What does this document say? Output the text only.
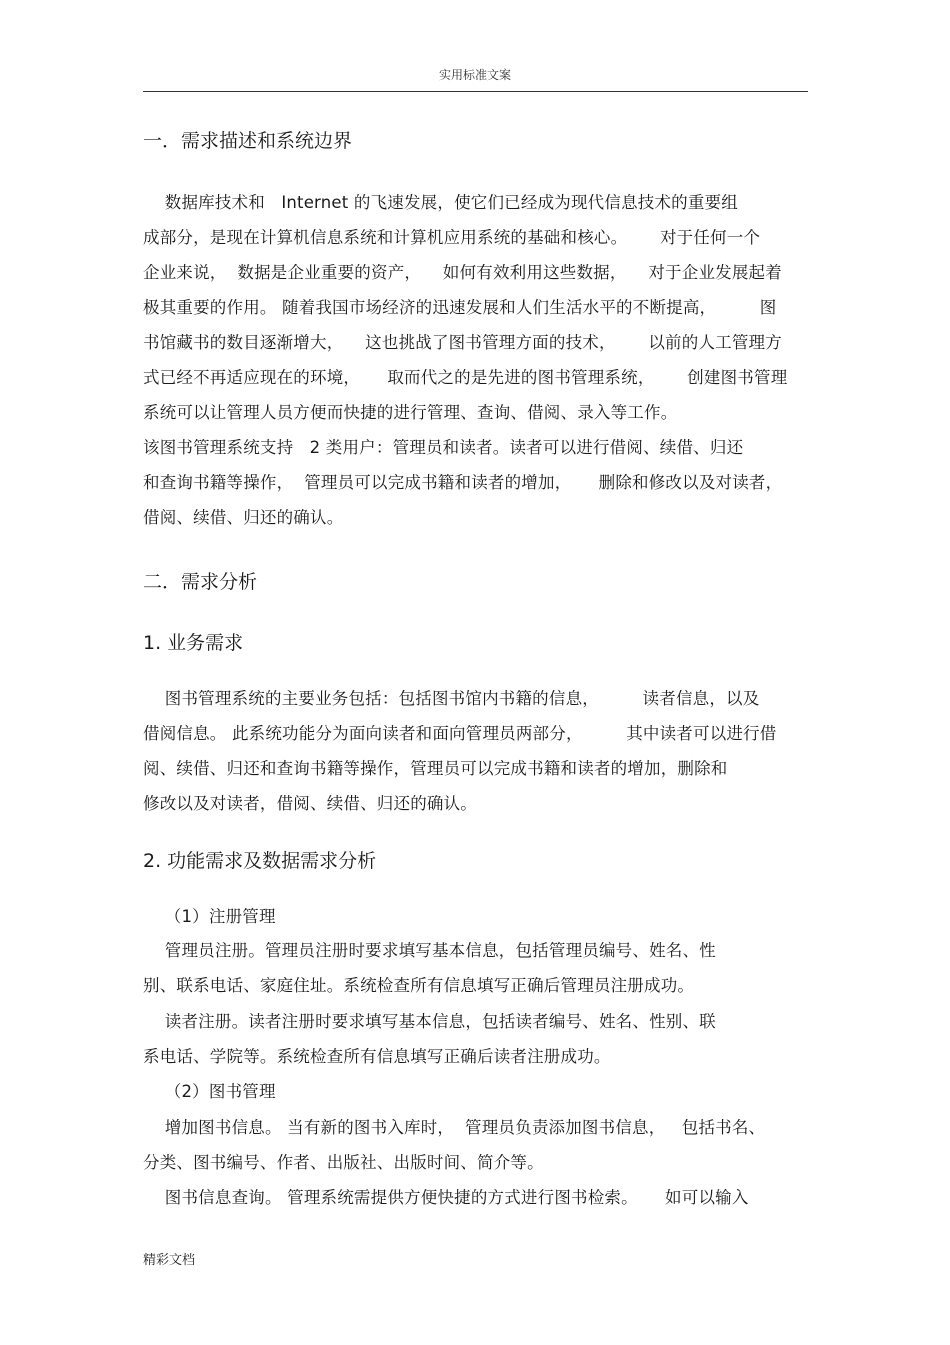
实用标准文案
一．需求描述和系统边界
数据库技术和   Internet 的飞速发展，使它们已经成为现代信息技术的重要组
成部分，是现在计算机信息系统和计算机应用系统的基础和核心。      对于任何一个
企业来说，  数据是企业重要的资产，    如何有效利用这些数据，    对于企业发展起着
极其重要的作用。 随着我国市场经济的迅速发展和人们生活水平的不断提高，        图
书馆藏书的数目逐渐增大，    这也挑战了图书管理方面的技术，      以前的人工管理方
式已经不再适应现在的环境，     取而代之的是先进的图书管理系统，      创建图书管理
系统可以让管理人员方便而快捷的进行管理、查询、借阅、录入等工作。
该图书管理系统支持   2 类用户：管理员和读者。读者可以进行借阅、续借、归还
和查询书籍等操作，  管理员可以完成书籍和读者的增加，     删除和修改以及对读者，
借阅、续借、归还的确认。
二．需求分析
1. 业务需求
图书管理系统的主要业务包括：包括图书馆内书籍的信息，        读者信息，以及
借阅信息。 此系统功能分为面向读者和面向管理员两部分，        其中读者可以进行借
阅、续借、归还和查询书籍等操作，管理员可以完成书籍和读者的增加，删除和
修改以及对读者，借阅、续借、归还的确认。
2. 功能需求及数据需求分析
（1）注册管理
管理员注册。管理员注册时要求填写基本信息，包括管理员编号、姓名、性
别、联系电话、家庭住址。系统检查所有信息填写正确后管理员注册成功。
读者注册。读者注册时要求填写基本信息，包括读者编号、姓名、性别、联
系电话、学院等。系统检查所有信息填写正确后读者注册成功。
（2）图书管理
增加图书信息。 当有新的图书入库时，  管理员负责添加图书信息，   包括书名、
分类、图书编号、作者、出版社、出版时间、简介等。
图书信息查询。 管理系统需提供方便快捷的方式进行图书检索。     如可以输入
精彩文档
